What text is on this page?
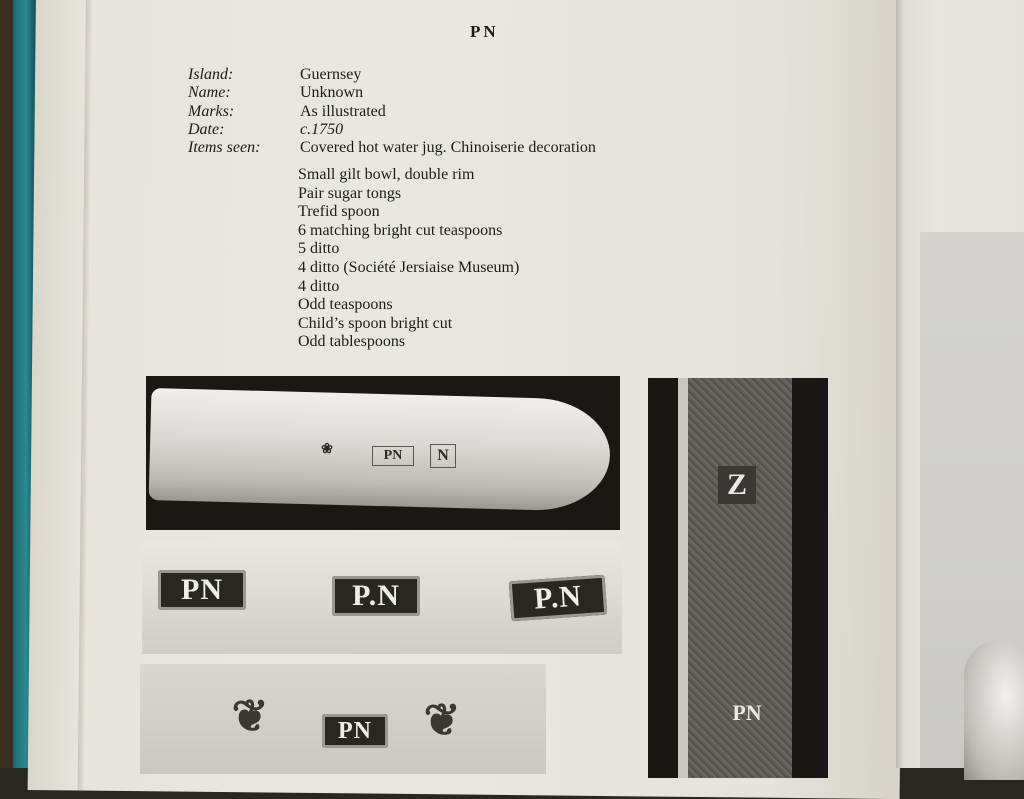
PN
Island:	Guernsey
Name:	Unknown
Marks:	As illustrated
Date:	c.1750
Items seen:	Covered hot water jug. Chinoiserie decoration
Small gilt bowl, double rim
Pair sugar tongs
Trefid spoon
6 matching bright cut teaspoons
5 ditto
4 ditto (Société Jersiaise Museum)
4 ditto
Odd teaspoons
Child’s spoon bright cut
Odd tablespoons
❀	PN	N
PN	P.N	P.N
❦	PN	❦
Z
PN
